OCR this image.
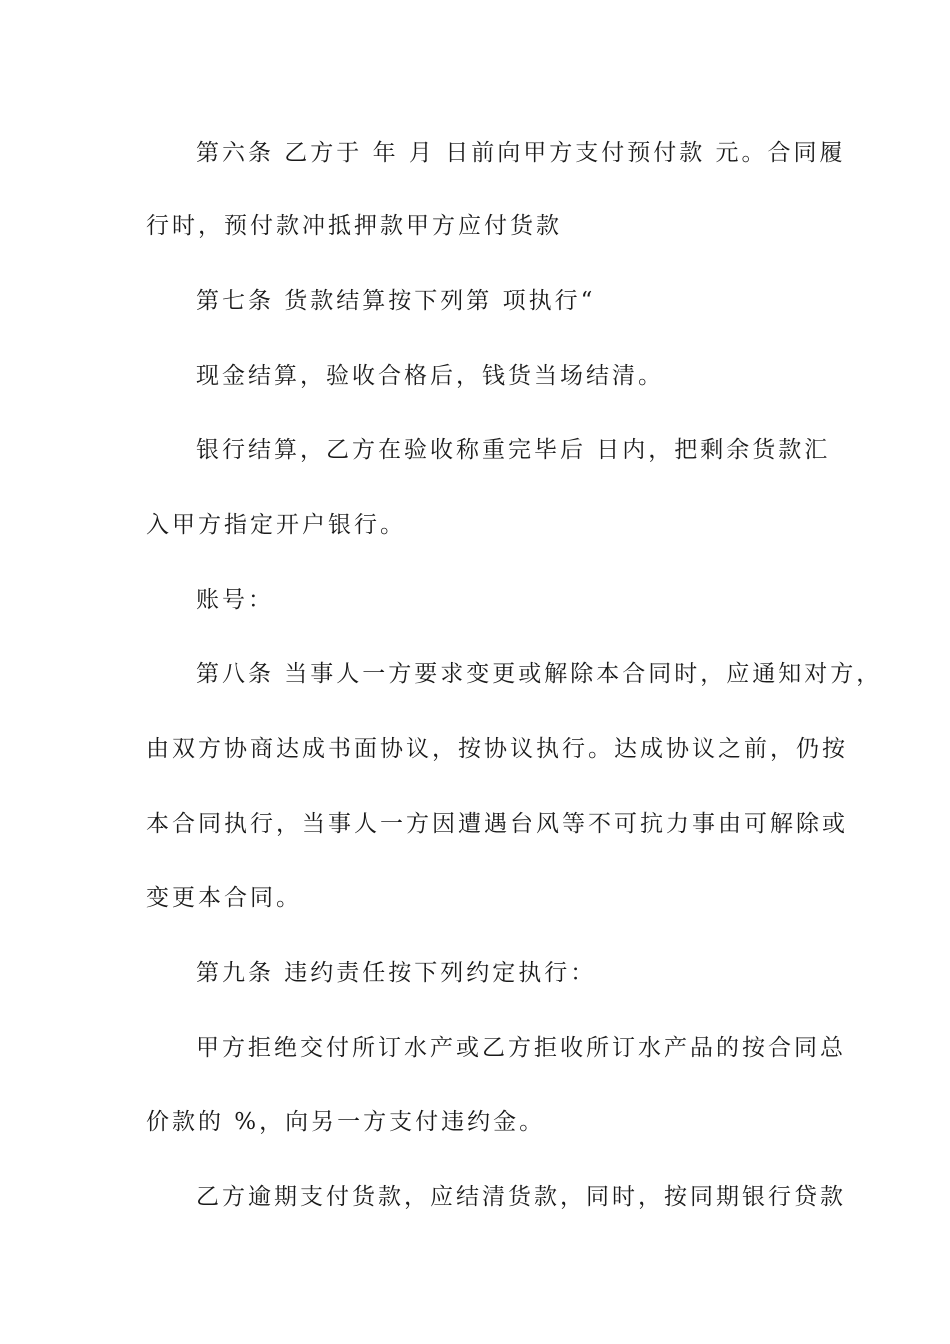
第六条 乙方于 年 月 日前向甲方支付预付款 元。合同履
行时，预付款冲抵押款甲方应付货款
第七条 货款结算按下列第 项执行“
现金结算，验收合格后，钱货当场结清。
银行结算，乙方在验收称重完毕后 日内，把剩余货款汇
入甲方指定开户银行。
账号：
第八条 当事人一方要求变更或解除本合同时，应通知对方，
由双方协商达成书面协议，按协议执行。达成协议之前，仍按
本合同执行，当事人一方因遭遇台风等不可抗力事由可解除或
变更本合同。
第九条 违约责任按下列约定执行：
甲方拒绝交付所订水产或乙方拒收所订水产品的按合同总
价款的 %，向另一方支付违约金。
乙方逾期支付货款，应结清货款，同时，按同期银行贷款
